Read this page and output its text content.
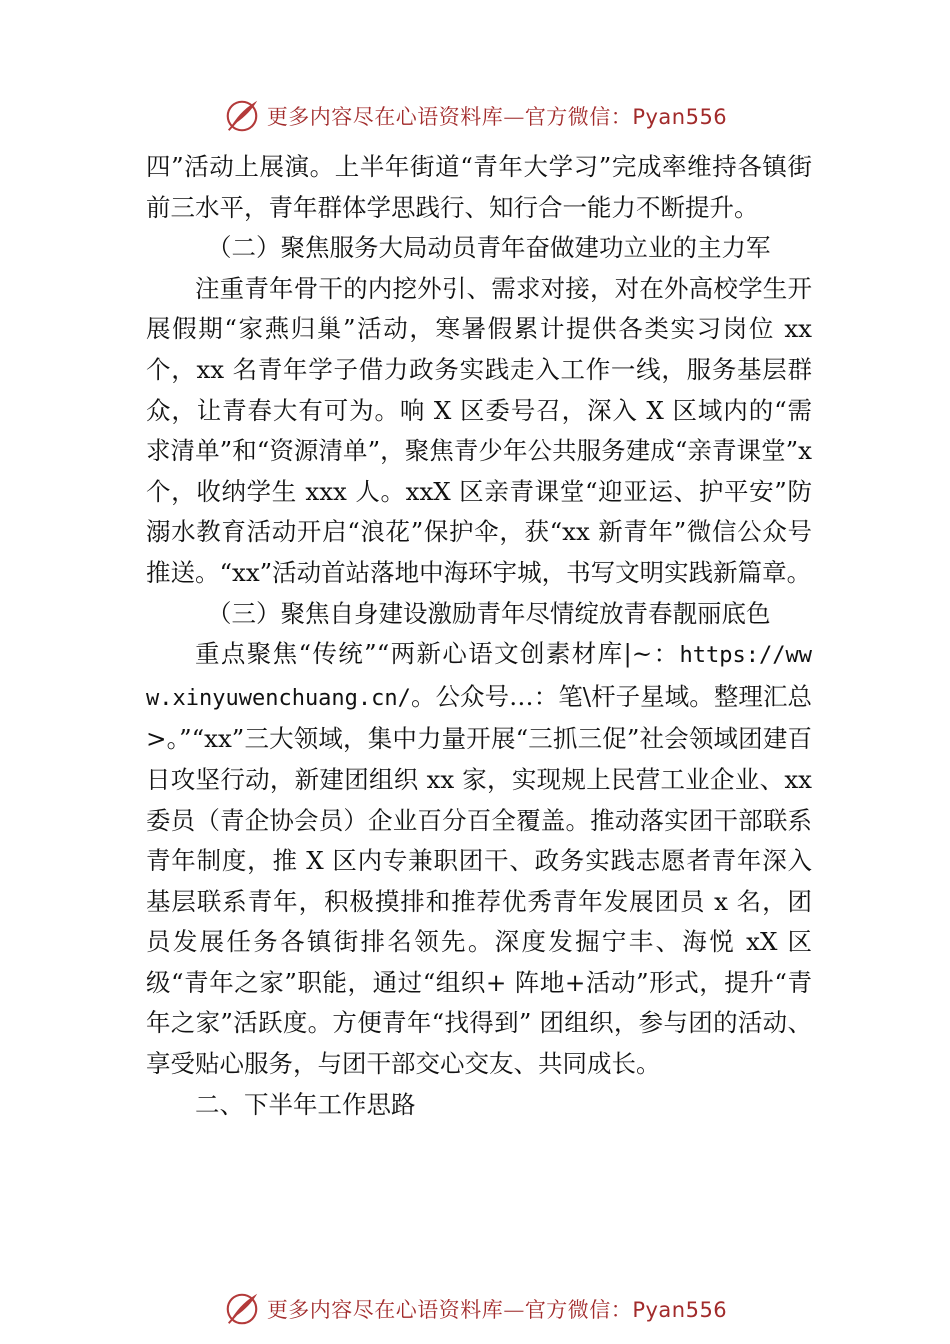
更多内容尽在心语资料库—官方微信：Pyan556

四”活动上展演。上半年街道“青年大学习”完成率维持各镇街前三水平，青年群体学思践行、知行合一能力不断提升。

（二）聚焦服务大局动员青年奋做建功立业的主力军

注重青年骨干的内挖外引、需求对接，对在外高校学生开展假期“家燕归巢”活动，寒暑假累计提供各类实习岗位 xx 个，xx 名青年学子借力政务实践走入工作一线，服务基层群众，让青春大有可为。响 X 区委号召，深入 X 区域内的“需求清单”和“资源清单”，聚焦青少年公共服务建成“亲青课堂”x 个，收纳学生 xxx 人。xxX 区亲青课堂“迎亚运、护平安”防溺水教育活动开启“浪花”保护伞，获“xx 新青年”微信公众号推送。“xx”活动首站落地中海环宇城，书写文明实践新篇章。

（三）聚焦自身建设激励青年尽情绽放青春靓丽底色

重点聚焦“传统”“两新心语文创素材库|~：https://www.xinyuwenchuang.cn/。公众号…：笔\杆子星域。整理汇总>。”“xx”三大领域，集中力量开展“三抓三促”社会领域团建百日攻坚行动，新建团组织 xx 家，实现规上民营工业企业、xx 委员（青企协会员）企业百分百全覆盖。推动落实团干部联系青年制度，推 X 区内专兼职团干、政务实践志愿者青年深入基层联系青年，积极摸排和推荐优秀青年发展团员 x 名，团员发展任务各镇街排名领先。深度发掘宁丰、海悦 xX 区级“青年之家”职能，通过“组织+ 阵地+活动”形式，提升“青年之家”活跃度。方便青年“找得到” 团组织，参与团的活动、享受贴心服务，与团干部交心交友、共同成长。

二、下半年工作思路

更多内容尽在心语资料库—官方微信：Pyan556
